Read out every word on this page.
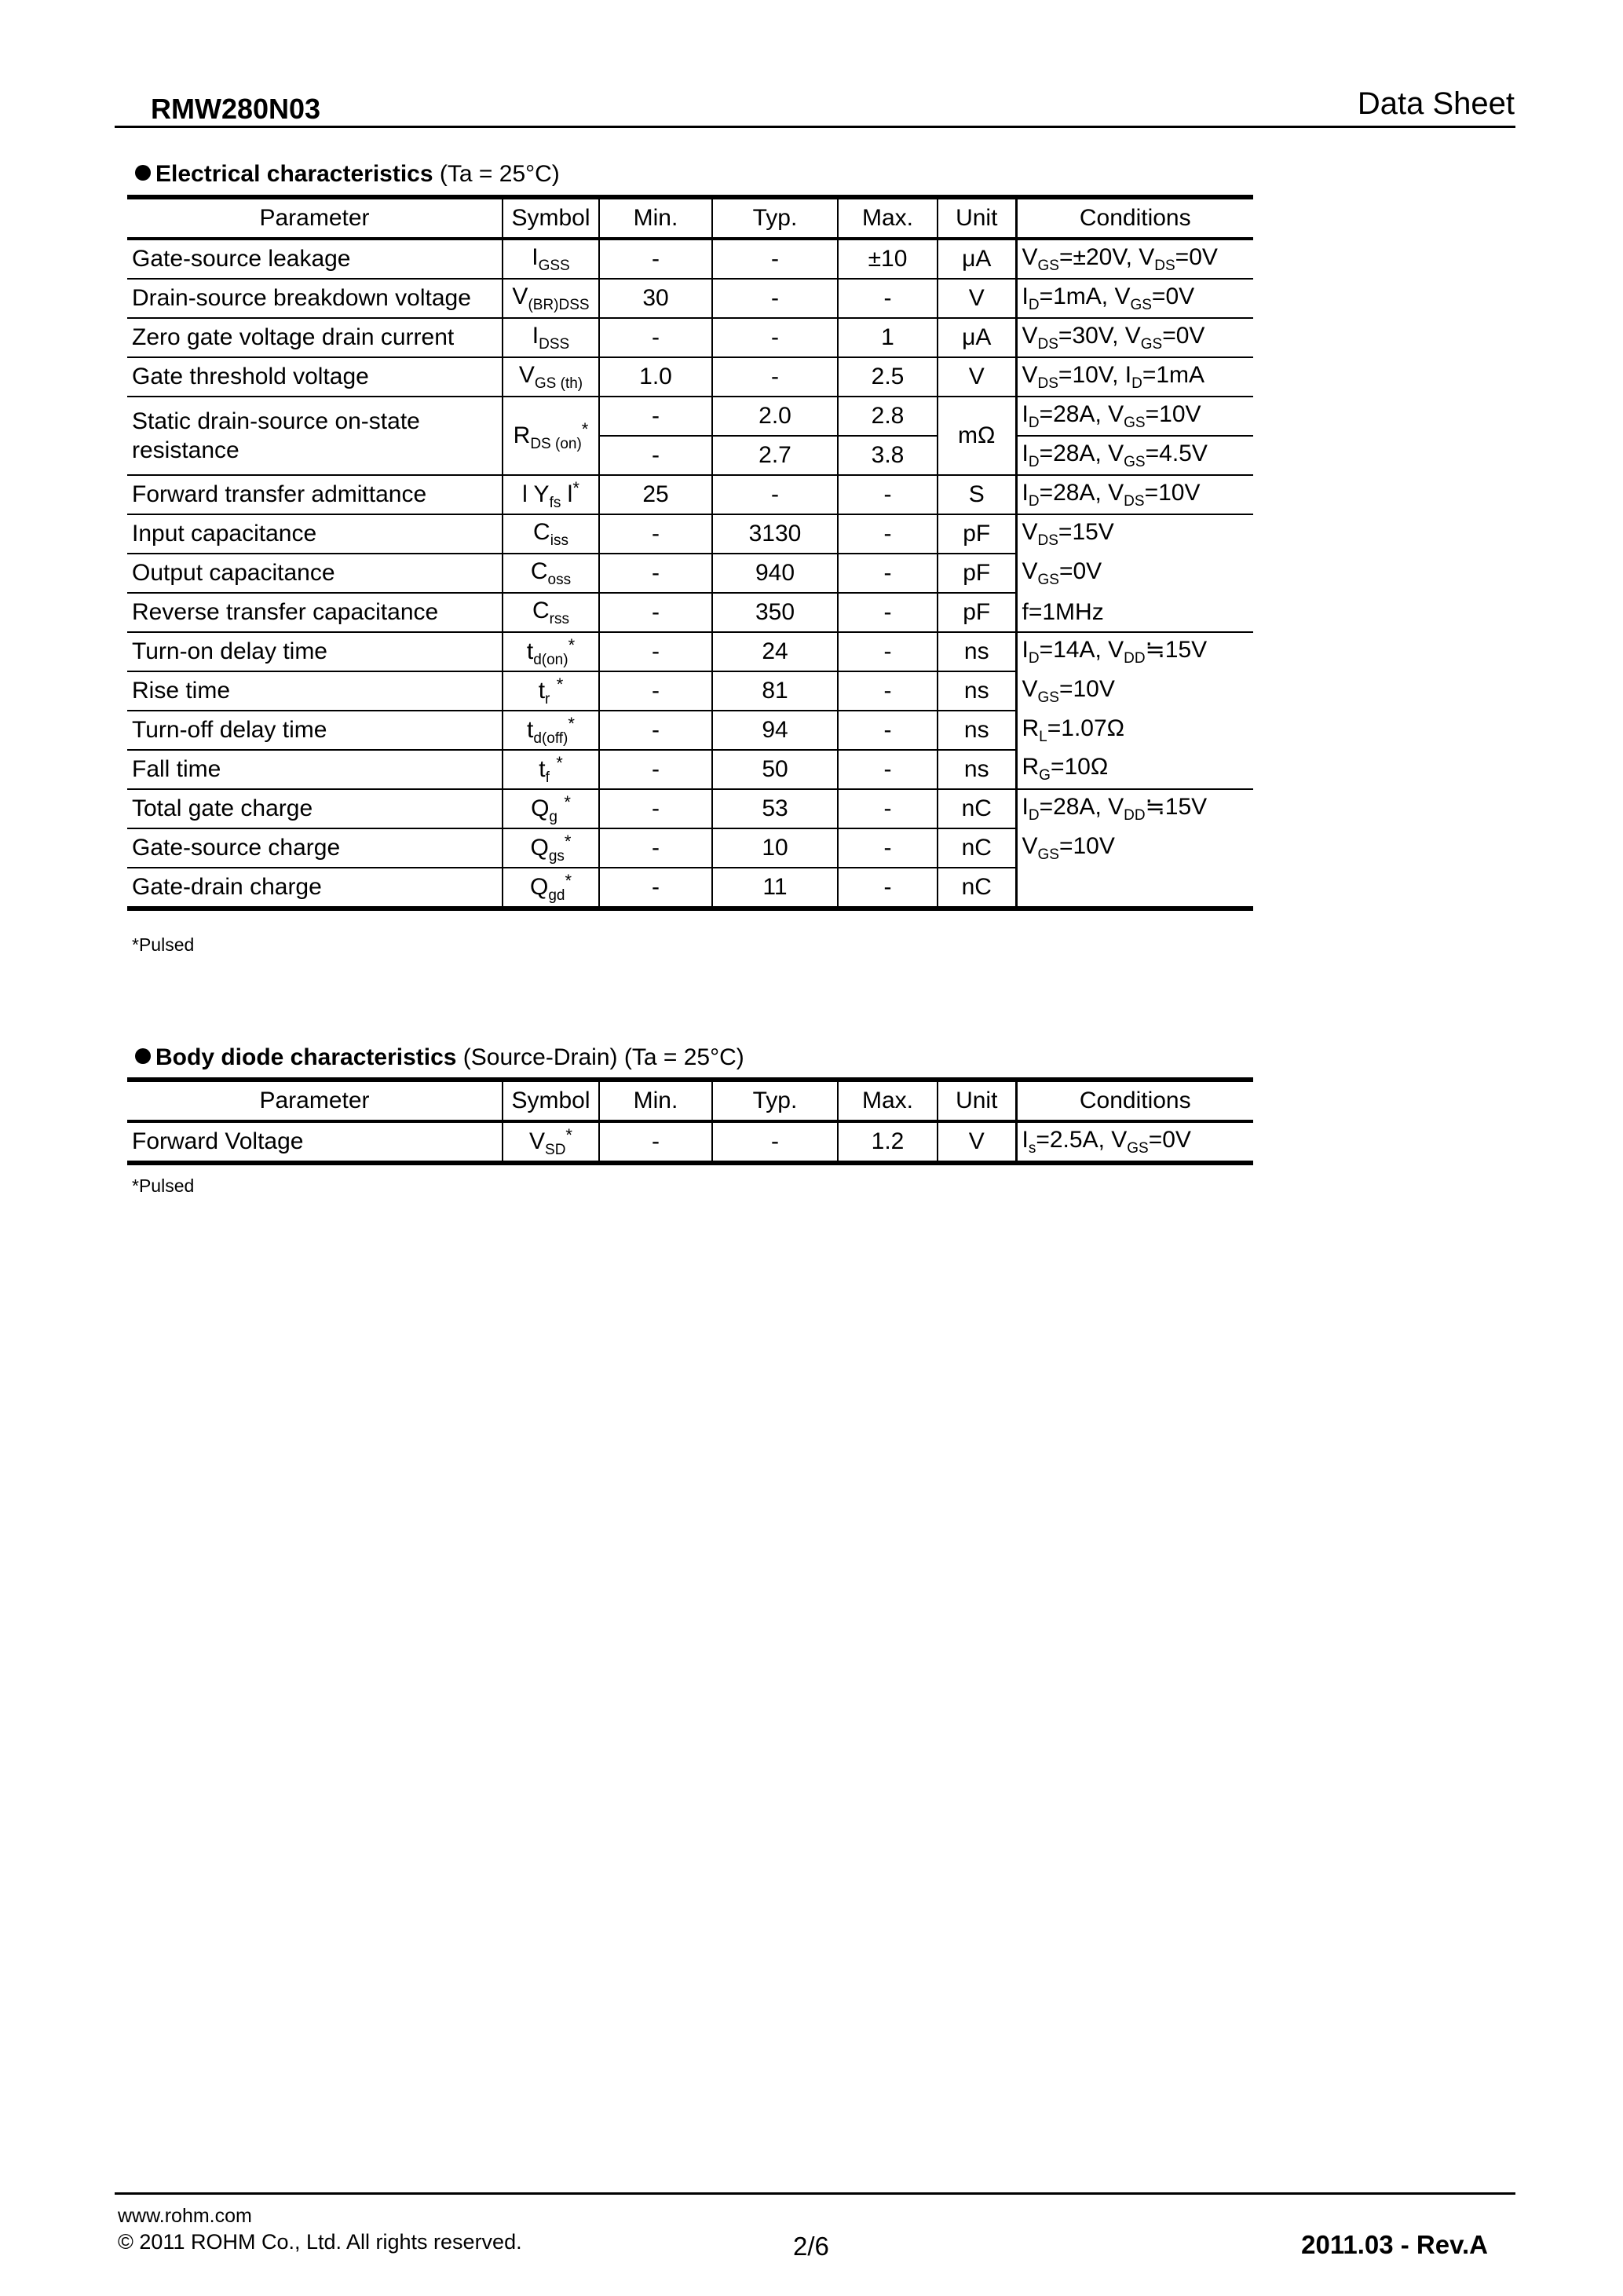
RMW280N03	Data Sheet
Electrical characteristics (Ta = 25°C)
Parameter	Symbol	Min.	Typ.	Max.	Unit	Conditions
Gate-source leakage	$I_{GSS}$	-	-	±10	μA	$V_{GS}=\pm 20V$, $V_{DS}=0V$
Drain-source breakdown voltage	$V_{(BR)DSS}$	30	-	-	V	$I_D=1mA$, $V_{GS}=0V$
Zero gate voltage drain current	$I_{DSS}$	-	-	1	μA	$V_{DS}=30V$, $V_{GS}=0V$
Gate threshold voltage	$V_{GS (th)}$	1.0	-	2.5	V	$V_{DS}=10V$, $I_D=1mA$
Static drain-source on-state resistance	$R_{DS (on)}^*$	-	2.0	2.8	mΩ	$I_D=28A$, $V_{GS}=10V$
		-	2.7	3.8		$I_D=28A$, $V_{GS}=4.5V$
Forward transfer admittance	l $Y_{fs}$ l*	25	-	-	S	$I_D=28A$, $V_{DS}=10V$
Input capacitance	$C_{iss}$	-	3130	-	pF	$V_{DS}=15V$
Output capacitance	$C_{oss}$	-	940	-	pF	$V_{GS}=0V$
Reverse transfer capacitance	$C_{rss}$	-	350	-	pF	f=1MHz
Turn-on delay time	$t_{d(on)}^*$	-	24	-	ns	$I_D=14A$, $V_{DD}≒15V$
Rise time	$t_r$ *	-	81	-	ns	$V_{GS}=10V$
Turn-off delay time	$t_{d(off)}^*$	-	94	-	ns	$R_L=1.07\Omega$
Fall time	$t_f$ *	-	50	-	ns	$R_G=10\Omega$
Total gate charge	$Q_g$ *	-	53	-	nC	$I_D=28A$, $V_{DD}≒15V$
Gate-source charge	$Q_{gs}^*$	-	10	-	nC	$V_{GS}=10V$
Gate-drain charge	$Q_{gd}^*$	-	11	-	nC	
*Pulsed
Body diode characteristics (Source-Drain) (Ta = 25°C)
Parameter	Symbol	Min.	Typ.	Max.	Unit	Conditions
Forward Voltage	$V_{SD}^*$	-	-	1.2	V	$I_s=2.5A$, $V_{GS}=0V$
*Pulsed
www.rohm.com
© 2011 ROHM Co., Ltd. All rights reserved.	2/6	2011.03 - Rev.A
